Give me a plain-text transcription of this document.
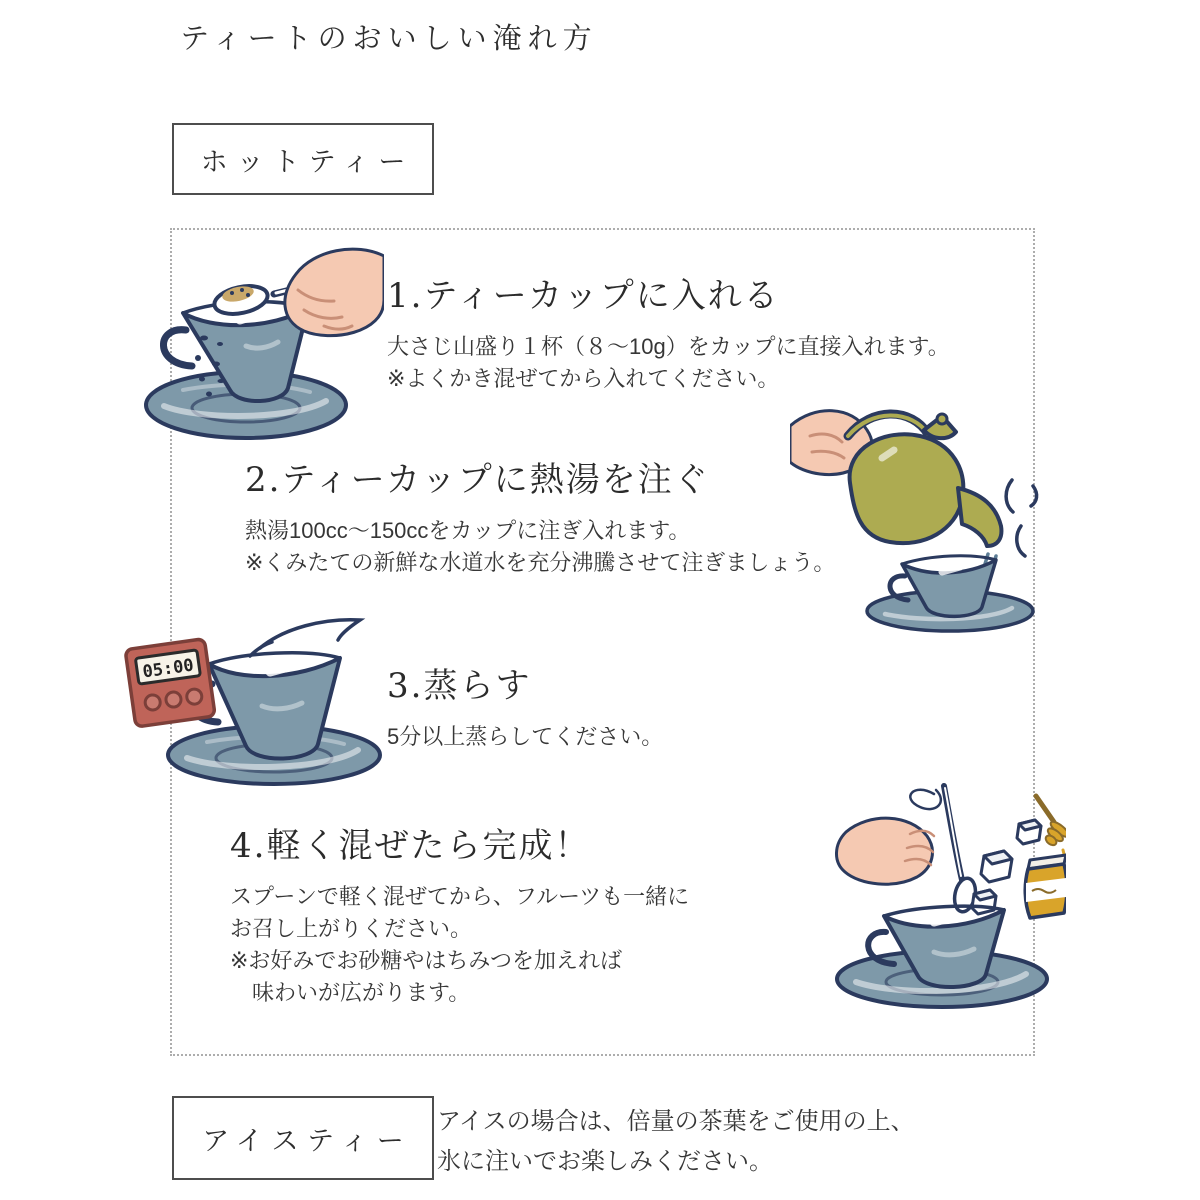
ティートのおいしい淹れ方
ホットティー
1.ティーカップに入れる

大さじ山盛り１杯（８～10g）をカップに直接入れます。

※よくかき混ぜてから入れてください。

2.ティーカップに熱湯を注ぐ

熱湯100cc～150ccをカップに注ぎ入れます。

※くみたての新鮮な水道水を充分沸騰させて注ぎましょう。

05:00	3.蒸らす

5分以上蒸らしてください。

4.軽く混ぜたら完成！

スプーンで軽く混ぜてから、フルーツも一緒に

お召し上がりください。

※お好みでお砂糖やはちみつを加えれば

　味わいが広がります。

アイスティー

アイスの場合は、倍量の茶葉をご使用の上、

氷に注いでお楽しみください。
